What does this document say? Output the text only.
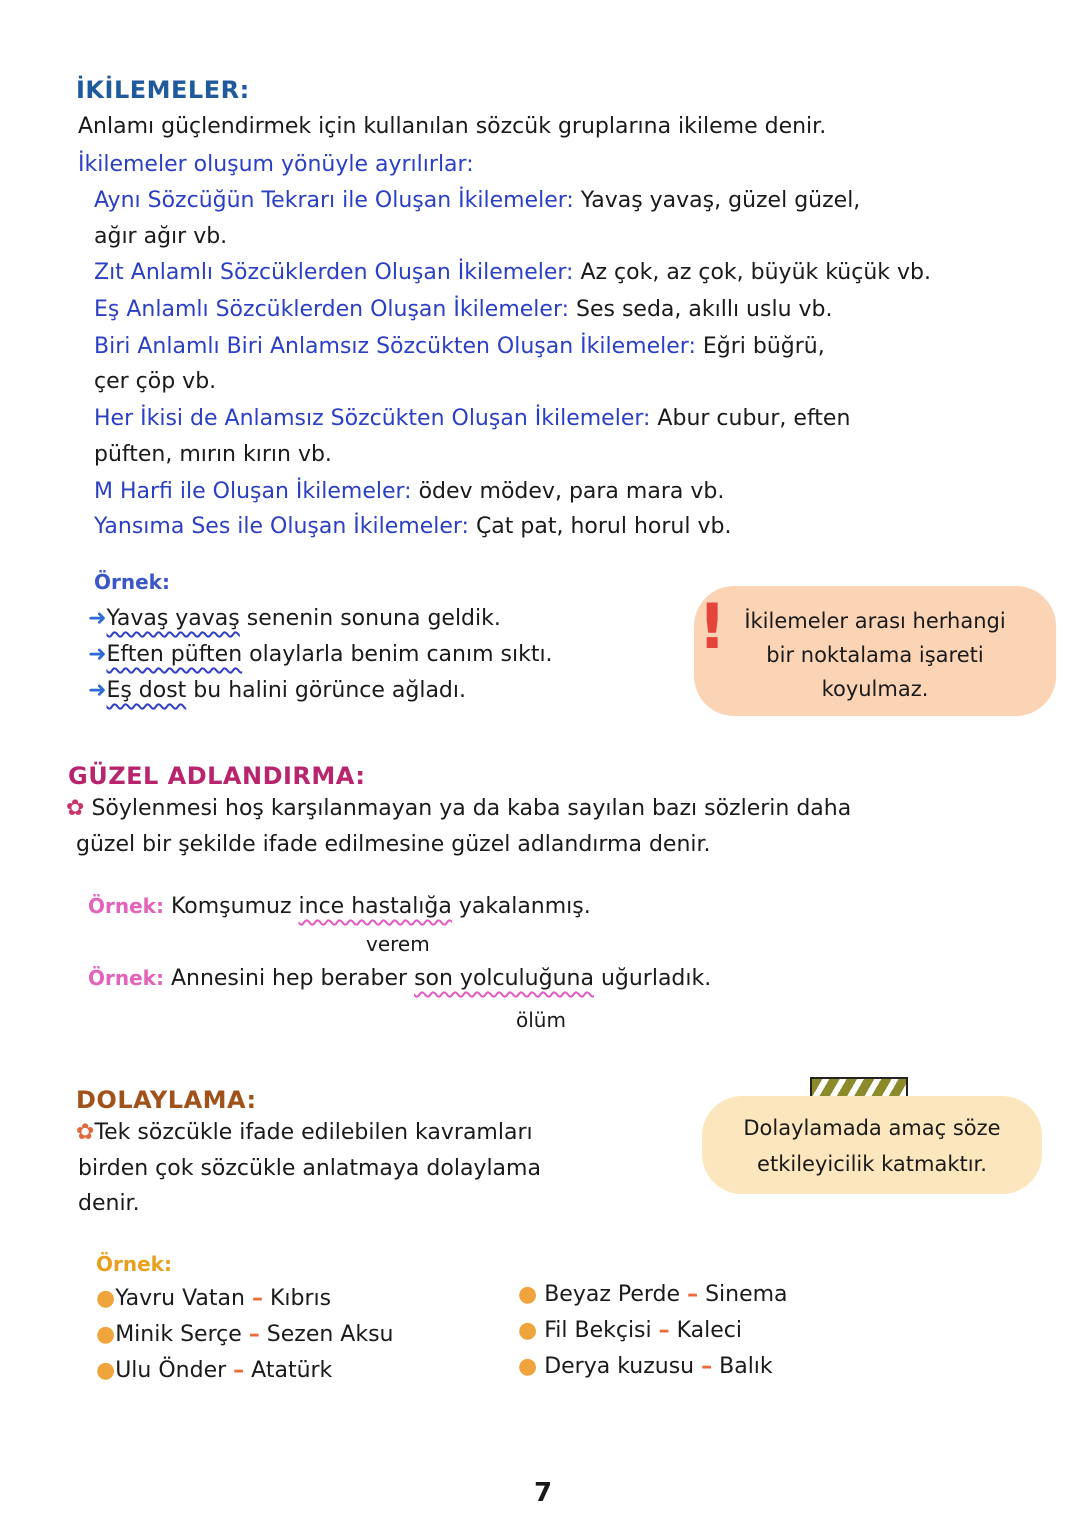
İKİLEMELER:
Anlamı güçlendirmek için kullanılan sözcük gruplarına ikileme denir.
İkilemeler oluşum yönüyle ayrılırlar:
Aynı Sözcüğün Tekrarı ile Oluşan İkilemeler: Yavaş yavaş, güzel güzel,
ağır ağır vb.
Zıt Anlamlı Sözcüklerden Oluşan İkilemeler: Az çok, az çok, büyük küçük vb.
Eş Anlamlı Sözcüklerden Oluşan İkilemeler: Ses seda, akıllı uslu vb.
Biri Anlamlı Biri Anlamsız Sözcükten Oluşan İkilemeler: Eğri büğrü,
çer çöp vb.
Her İkisi de Anlamsız Sözcükten Oluşan İkilemeler: Abur cubur, eften
püften, mırın kırın vb.
M Harfi ile Oluşan İkilemeler: ödev mödev, para mara vb.
Yansıma Ses ile Oluşan İkilemeler: Çat pat, horul horul vb.
Örnek:
➜Yavaş yavaş senenin sonuna geldik.
➜Eften püften olaylarla benim canım sıktı.
➜Eş dost bu halini görünce ağladı.
İkilemeler arası herhangi
bir noktalama işareti
koyulmaz.
!
GÜZEL ADLANDIRMA:
✿ Söylenmesi hoş karşılanmayan ya da kaba sayılan bazı sözlerin daha
güzel bir şekilde ifade edilmesine güzel adlandırma denir.
Örnek: Komşumuz ince hastalığa yakalanmış.
verem
Örnek: Annesini hep beraber son yolculuğuna uğurladık.
ölüm
DOLAYLAMA:
✿Tek sözcükle ifade edilebilen kavramları
birden çok sözcükle anlatmaya dolaylama
denir.
Dolaylamada amaç söze
etkileyicilik katmaktır.
Örnek:
●Yavru Vatan – Kıbrıs
●Minik Serçe – Sezen Aksu
●Ulu Önder – Atatürk
● Beyaz Perde – Sinema
● Fil Bekçisi – Kaleci
● Derya kuzusu – Balık
7
